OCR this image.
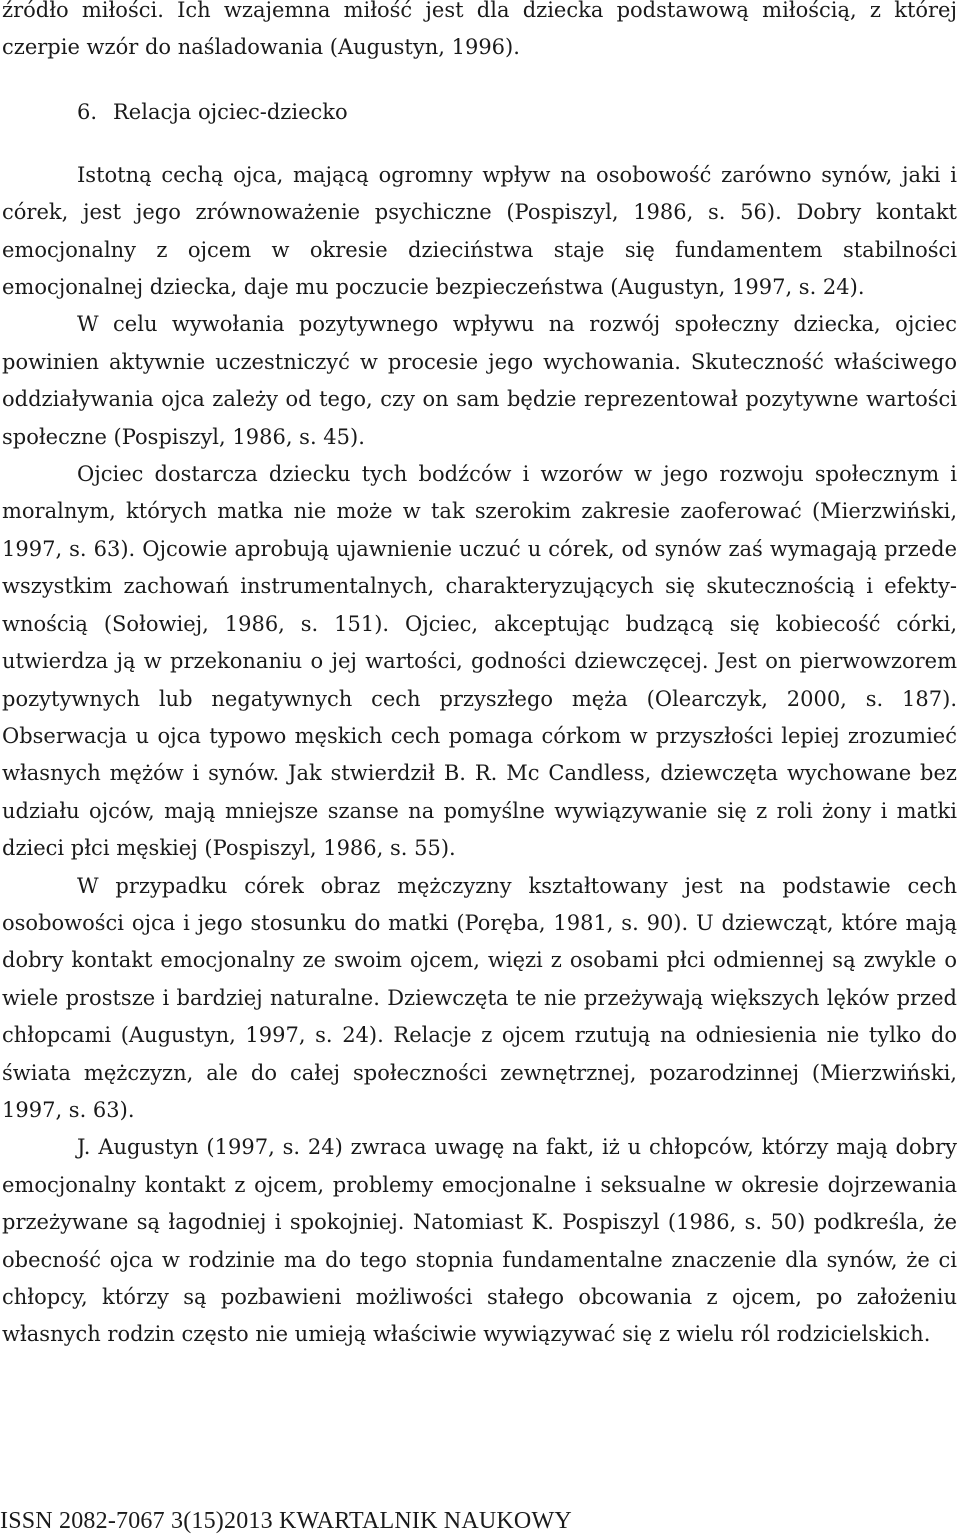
źródło miłości. Ich wzajemna miłość jest dla dziecka podstawową miłością, z której czerpie wzór do naśladowania (Augustyn, 1996).

6. Relacja ojciec-dziecko

Istotną cechą ojca, mającą ogromny wpływ na osobowość zarówno synów, jaki i córek, jest jego zrównoważenie psychiczne (Pospiszyl, 1986, s. 56). Dobry kontakt emocjonalny z ojcem w okresie dzieciństwa staje się fundamentem stabilności emocjonalnej dziecka, daje mu poczucie bezpieczeństwa (Augustyn, 1997, s. 24).

W celu wywołania pozytywnego wpływu na rozwój społeczny dziecka, ojciec powinien aktywnie uczestniczyć w procesie jego wychowania. Skuteczność właściwego oddziaływania ojca zależy od tego, czy on sam będzie reprezentował pozytywne wartości społeczne (Pospiszyl, 1986, s. 45).

Ojciec dostarcza dziecku tych bodźców i wzorów w jego rozwoju społecznym i moralnym, których matka nie może w tak szerokim zakresie zaoferować (Mierzwiński, 1997, s. 63). Ojcowie aprobują ujawnienie uczuć u córek, od synów zaś wymagają przede wszystkim zachowań instrumentalnych, charakteryzujących się skutecznością i efektywnością (Sołowiej, 1986, s. 151). Ojciec, akceptując budzącą się kobiecość córki, utwierdza ją w przekonaniu o jej wartości, godności dziewczęcej. Jest on pierwowzorem pozytywnych lub negatywnych cech przyszłego męża (Olearczyk, 2000, s. 187). Obserwacja u ojca typowo męskich cech pomaga córkom w przyszłości lepiej zrozumieć własnych mężów i synów. Jak stwierdził B. R. Mc Candless, dziewczęta wychowane bez udziału ojców, mają mniejsze szanse na pomyślne wywiązywanie się z roli żony i matki dzieci płci męskiej (Pospiszyl, 1986, s. 55).

W przypadku córek obraz mężczyzny kształtowany jest na podstawie cech osobowości ojca i jego stosunku do matki (Poręba, 1981, s. 90). U dziewcząt, które mają dobry kontakt emocjonalny ze swoim ojcem, więzi z osobami płci odmiennej są zwykle o wiele prostsze i bardziej naturalne. Dziewczęta te nie przeżywają większych lęków przed chłopcami (Augustyn, 1997, s. 24). Relacje z ojcem rzutują na odniesienia nie tylko do świata mężczyzn, ale do całej społeczności zewnętrznej, pozarodzinnej (Mierzwiński, 1997, s. 63).

J. Augustyn (1997, s. 24) zwraca uwagę na fakt, iż u chłopców, którzy mają dobry emocjonalny kontakt z ojcem, problemy emocjonalne i seksualne w okresie dojrzewania przeżywane są łagodniej i spokojniej. Natomiast K. Pospiszyl (1986, s. 50) podkreśla, że obecność ojca w rodzinie ma do tego stopnia fundamentalne znaczenie dla synów, że ci chłopcy, którzy są pozbawieni możliwości stałego obcowania z ojcem, po założeniu własnych rodzin często nie umieją właściwie wywiązywać się z wielu ról rodzicielskich.

ISSN 2082-7067 3(15)2013 KWARTALNIK NAUKOWY
